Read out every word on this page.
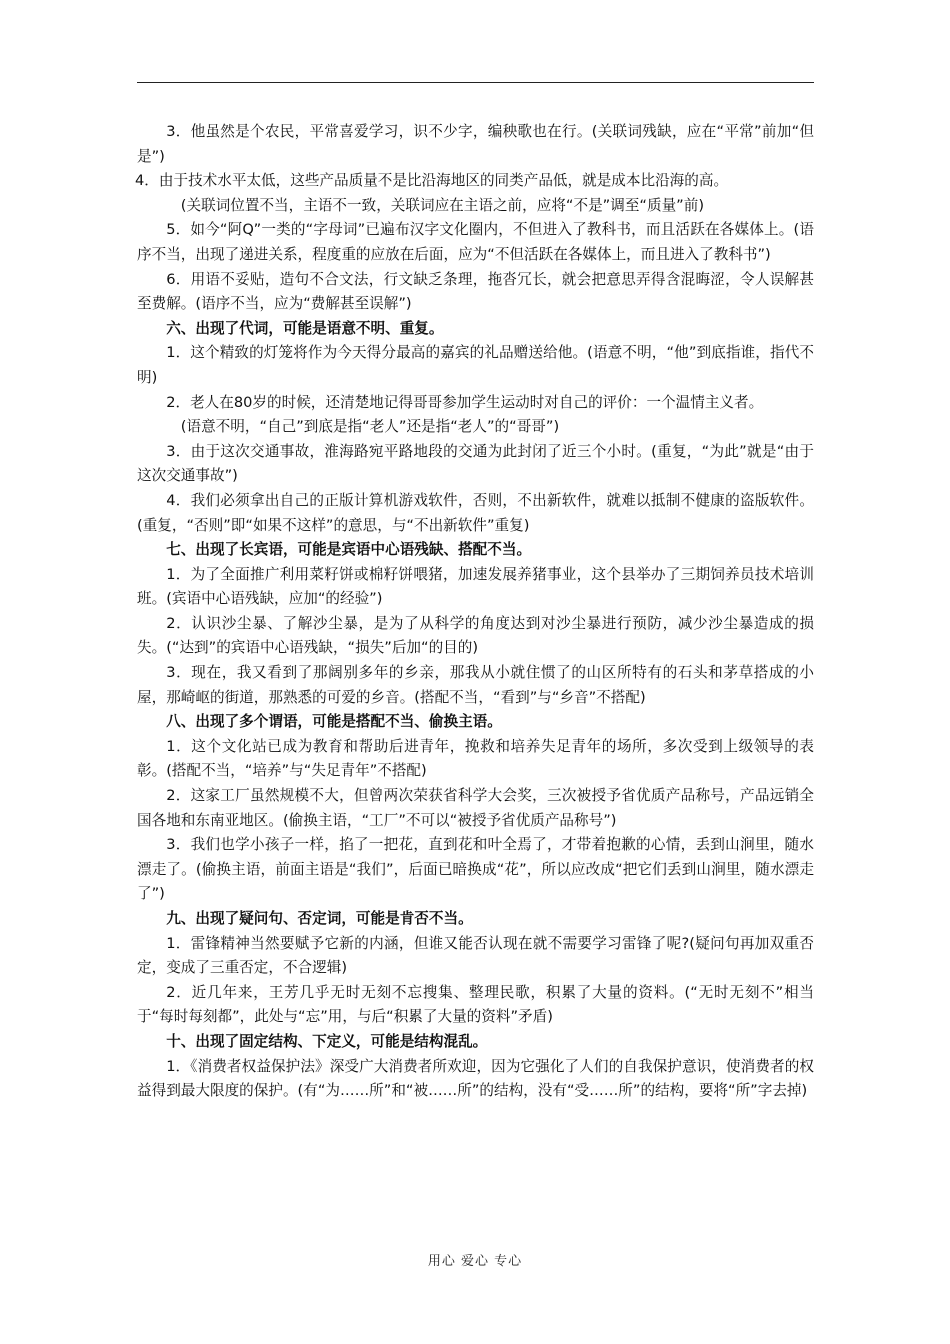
3．他虽然是个农民，平常喜爱学习，识不少字，编秧歌也在行。(关联词残缺，应在“平常”前加“但是”)

4．由于技术水平太低，这些产品质量不是比沿海地区的同类产品低，就是成本比沿海的高。

(关联词位置不当，主语不一致，关联词应在主语之前，应将“不是”调至“质量”前)

5．如今“阿Q”一类的“字母词”已遍布汉字文化圈内，不但进入了教科书，而且活跃在各媒体上。(语序不当，出现了递进关系，程度重的应放在后面，应为“不但活跃在各媒体上，而且进入了教科书”)

6．用语不妥贴，造句不合文法，行文缺乏条理，拖沓冗长，就会把意思弄得含混晦涩，令人误解甚至费解。(语序不当，应为“费解甚至误解”)

六、出现了代词，可能是语意不明、重复。

1．这个精致的灯笼将作为今天得分最高的嘉宾的礼品赠送给他。(语意不明，“他”到底指谁，指代不明)

2．老人在80岁的时候，还清楚地记得哥哥参加学生运动时对自己的评价：一个温情主义者。

(语意不明，“自己”到底是指“老人”还是指“老人”的“哥哥”)

3．由于这次交通事故，淮海路宛平路地段的交通为此封闭了近三个小时。(重复，“为此”就是“由于这次交通事故”)

4．我们必须拿出自己的正版计算机游戏软件，否则，不出新软件，就难以抵制不健康的盗版软件。(重复，“否则”即“如果不这样”的意思，与“不出新软件”重复)

七、出现了长宾语，可能是宾语中心语残缺、搭配不当。

1．为了全面推广利用菜籽饼或棉籽饼喂猪，加速发展养猪事业，这个县举办了三期饲养员技术培训班。(宾语中心语残缺，应加“的经验”)

2．认识沙尘暴、了解沙尘暴，是为了从科学的角度达到对沙尘暴进行预防，减少沙尘暴造成的损失。(“达到”的宾语中心语残缺，“损失”后加“的目的)

3．现在，我又看到了那阔别多年的乡亲，那我从小就住惯了的山区所特有的石头和茅草搭成的小屋，那崎岖的街道，那熟悉的可爱的乡音。(搭配不当，“看到”与“乡音”不搭配)

八、出现了多个谓语，可能是搭配不当、偷换主语。

1．这个文化站已成为教育和帮助后进青年，挽救和培养失足青年的场所，多次受到上级领导的表彰。(搭配不当，“培养”与“失足青年”不搭配)

2．这家工厂虽然规模不大，但曾两次荣获省科学大会奖，三次被授予省优质产品称号，产品远销全国各地和东南亚地区。(偷换主语，“工厂”不可以“被授予省优质产品称号”)

3．我们也学小孩子一样，掐了一把花，直到花和叶全焉了，才带着抱歉的心情，丢到山涧里，随水漂走了。(偷换主语，前面主语是“我们”，后面已暗换成“花”，所以应改成“把它们丢到山涧里，随水漂走了”)

九、出现了疑问句、否定词，可能是肯否不当。

1．雷锋精神当然要赋予它新的内涵，但谁又能否认现在就不需要学习雷锋了呢?(疑问句再加双重否定，变成了三重否定，不合逻辑)

2．近几年来，王芳几乎无时无刻不忘搜集、整理民歌，积累了大量的资料。(“无时无刻不”相当于“每时每刻都”，此处与“忘”用，与后“积累了大量的资料”矛盾)

十、出现了固定结构、下定义，可能是结构混乱。

1．《消费者权益保护法》深受广大消费者所欢迎，因为它强化了人们的自我保护意识，使消费者的权益得到最大限度的保护。(有“为……所”和“被……所”的结构，没有“受……所”的结构，要将“所”字去掉)

用心 爱心 专心
